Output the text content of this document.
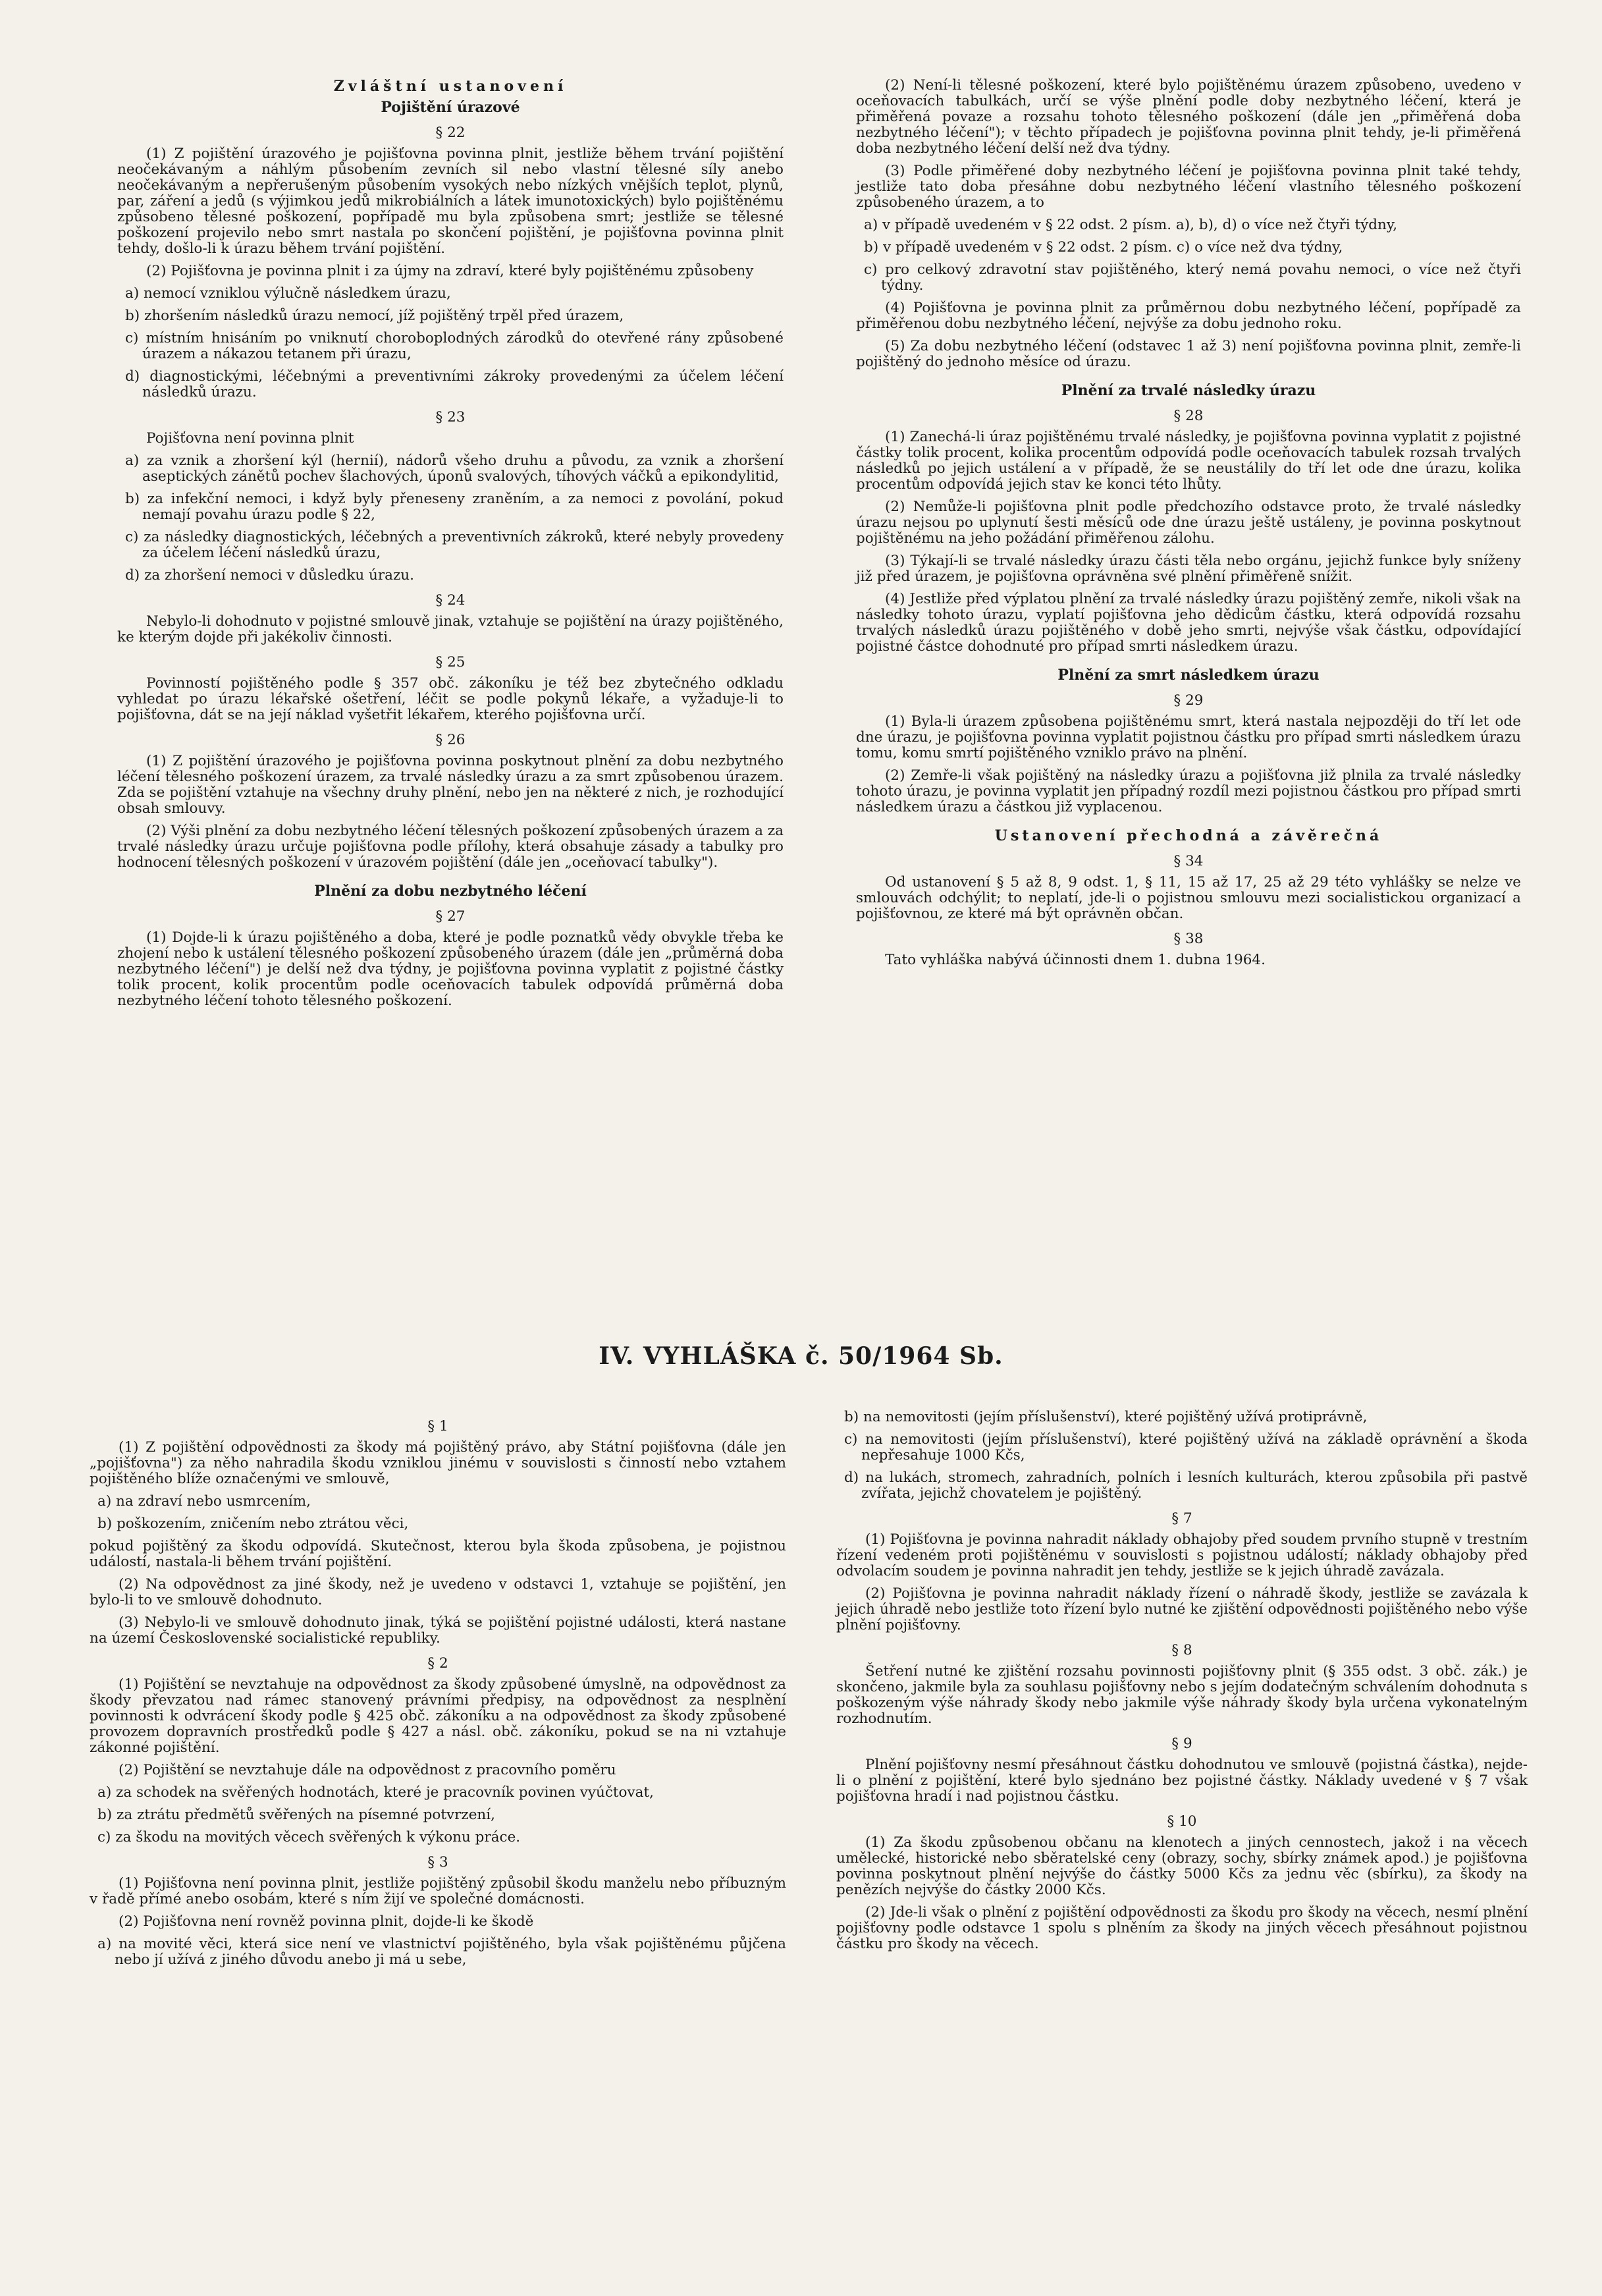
Zvláštní ustanovení
Pojištění úrazové
§ 22

(1) Z pojištění úrazového je pojišťovna povinna plnit, jestliže během trvání pojištění neočekávaným a náhlým působením zevních sil nebo vlastní tělesné síly anebo neočekávaným a nepřerušeným působením vysokých nebo nízkých vnějších teplot, plynů, par, záření a jedů (s výjimkou jedů mikrobiálních a látek imunotoxických) bylo pojištěnému způsobeno tělesné poškození, popřípadě mu byla způsobena smrt; jestliže se tělesné poškození projevilo nebo smrt nastala po skončení pojištění, je pojišťovna povinna plnit tehdy, došlo-li k úrazu během trvání pojištění.

(2) Pojišťovna je povinna plnit i za újmy na zdraví, které byly pojištěnému způsobeny

a) nemocí vzniklou výlučně následkem úrazu,

b) zhoršením následků úrazu nemocí, jíž pojištěný trpěl před úrazem,

c) místním hnisáním po vniknutí choroboplodných zárodků do otevřené rány způsobené úrazem a nákazou tetanem při úrazu,

d) diagnostickými, léčebnými a preventivními zákroky provedenými za účelem léčení následků úrazu.

§ 23

Pojišťovna není povinna plnit

a) za vznik a zhoršení kýl (hernií), nádorů všeho druhu a původu, za vznik a zhoršení aseptických zánětů pochev šlachových, úponů svalových, tíhových váčků a epikondylitid,

b) za infekční nemoci, i když byly přeneseny zraněním, a za nemoci z povolání, pokud nemají povahu úrazu podle § 22,

c) za následky diagnostických, léčebných a preventivních zákroků, které nebyly provedeny za účelem léčení následků úrazu,

d) za zhoršení nemoci v důsledku úrazu.

§ 24

Nebylo-li dohodnuto v pojistné smlouvě jinak, vztahuje se pojištění na úrazy pojištěného, ke kterým dojde při jakékoliv činnosti.

§ 25

Povinností pojištěného podle § 357 obč. zákoníku je též bez zbytečného odkladu vyhledat po úrazu lékařské ošetření, léčit se podle pokynů lékaře, a vyžaduje-li to pojišťovna, dát se na její náklad vyšetřit lékařem, kterého pojišťovna určí.

§ 26

(1) Z pojištění úrazového je pojišťovna povinna poskytnout plnění za dobu nezbytného léčení tělesného poškození úrazem, za trvalé následky úrazu a za smrt způsobenou úrazem. Zda se pojištění vztahuje na všechny druhy plnění, nebo jen na některé z nich, je rozhodující obsah smlouvy.

(2) Výši plnění za dobu nezbytného léčení tělesných poškození způsobených úrazem a za trvalé následky úrazu určuje pojišťovna podle přílohy, která obsahuje zásady a tabulky pro hodnocení tělesných poškození v úrazovém pojištění (dále jen „oceňovací tabulky").

Plnění za dobu nezbytného léčení
§ 27

(1) Dojde-li k úrazu pojištěného a doba, které je podle poznatků vědy obvykle třeba ke zhojení nebo k ustálení tělesného poškození způsobeného úrazem (dále jen „průměrná doba nezbytného léčení") je delší než dva týdny, je pojišťovna povinna vyplatit z pojistné částky tolik procent, kolik procentům podle oceňovacích tabulek odpovídá průměrná doba nezbytného léčení tohoto tělesného poškození.

(2) Není-li tělesné poškození, které bylo pojištěnému úrazem způsobeno, uvedeno v oceňovacích tabulkách, určí se výše plnění podle doby nezbytného léčení, která je přiměřená povaze a rozsahu tohoto tělesného poškození (dále jen „přiměřená doba nezbytného léčení"); v těchto případech je pojišťovna povinna plnit tehdy, je-li přiměřená doba nezbytného léčení delší než dva týdny.

(3) Podle přiměřené doby nezbytného léčení je pojišťovna povinna plnit také tehdy, jestliže tato doba přesáhne dobu nezbytného léčení vlastního tělesného poškození způsobeného úrazem, a to

a) v případě uvedeném v § 22 odst. 2 písm. a), b), d) o více než čtyři týdny,

b) v případě uvedeném v § 22 odst. 2 písm. c) o více než dva týdny,

c) pro celkový zdravotní stav pojištěného, který nemá povahu nemoci, o více než čtyři týdny.

(4) Pojišťovna je povinna plnit za průměrnou dobu nezbytného léčení, popřípadě za přiměřenou dobu nezbytného léčení, nejvýše za dobu jednoho roku.

(5) Za dobu nezbytného léčení (odstavec 1 až 3) není pojišťovna povinna plnit, zemře-li pojištěný do jednoho měsíce od úrazu.

Plnění za trvalé následky úrazu
§ 28

(1) Zanechá-li úraz pojištěnému trvalé následky, je pojišťovna povinna vyplatit z pojistné částky tolik procent, kolika procentům odpovídá podle oceňovacích tabulek rozsah trvalých následků po jejich ustálení a v případě, že se neustálily do tří let ode dne úrazu, kolika procentům odpovídá jejich stav ke konci této lhůty.

(2) Nemůže-li pojišťovna plnit podle předchozího odstavce proto, že trvalé následky úrazu nejsou po uplynutí šesti měsíců ode dne úrazu ještě ustáleny, je povinna poskytnout pojištěnému na jeho požádání přiměřenou zálohu.

(3) Týkají-li se trvalé následky úrazu části těla nebo orgánu, jejichž funkce byly sníženy již před úrazem, je pojišťovna oprávněna své plnění přiměřeně snížit.

(4) Jestliže před výplatou plnění za trvalé následky úrazu pojištěný zemře, nikoli však na následky tohoto úrazu, vyplatí pojišťovna jeho dědicům částku, která odpovídá rozsahu trvalých následků úrazu pojištěného v době jeho smrti, nejvýše však částku, odpovídající pojistné částce dohodnuté pro případ smrti následkem úrazu.

Plnění za smrt následkem úrazu
§ 29

(1) Byla-li úrazem způsobena pojištěnému smrt, která nastala nejpozději do tří let ode dne úrazu, je pojišťovna povinna vyplatit pojistnou částku pro případ smrti následkem úrazu tomu, komu smrtí pojištěného vzniklo právo na plnění.

(2) Zemře-li však pojištěný na následky úrazu a pojišťovna již plnila za trvalé následky tohoto úrazu, je povinna vyplatit jen případný rozdíl mezi pojistnou částkou pro případ smrti následkem úrazu a částkou již vyplacenou.

Ustanovení přechodná a závěrečná
§ 34

Od ustanovení § 5 až 8, 9 odst. 1, § 11, 15 až 17, 25 až 29 této vyhlášky se nelze ve smlouvách odchýlit; to neplatí, jde-li o pojistnou smlouvu mezi socialistickou organizací a pojišťovnou, ze které má být oprávněn občan.

§ 38

Tato vyhláška nabývá účinnosti dnem 1. dubna 1964.

IV. VYHLÁŠKA č. 50/1964 Sb.
§ 1

(1) Z pojištění odpovědnosti za škody má pojištěný právo, aby Státní pojišťovna (dále jen „pojišťovna") za něho nahradila škodu vzniklou jinému v souvislosti s činností nebo vztahem pojištěného blíže označenými ve smlouvě,

a) na zdraví nebo usmrcením,

b) poškozením, zničením nebo ztrátou věci,

pokud pojištěný za škodu odpovídá. Skutečnost, kterou byla škoda způsobena, je pojistnou událostí, nastala-li během trvání pojištění.

(2) Na odpovědnost za jiné škody, než je uvedeno v odstavci 1, vztahuje se pojištění, jen bylo-li to ve smlouvě dohodnuto.

(3) Nebylo-li ve smlouvě dohodnuto jinak, týká se pojištění pojistné události, která nastane na území Československé socialistické republiky.

§ 2

(1) Pojištění se nevztahuje na odpovědnost za škody způsobené úmyslně, na odpovědnost za škody převzatou nad rámec stanovený právními předpisy, na odpovědnost za nesplnění povinnosti k odvrácení škody podle § 425 obč. zákoníku a na odpovědnost za škody způsobené provozem dopravních prostředků podle § 427 a násl. obč. zákoníku, pokud se na ni vztahuje zákonné pojištění.

(2) Pojištění se nevztahuje dále na odpovědnost z pracovního poměru

a) za schodek na svěřených hodnotách, které je pracovník povinen vyúčtovat,

b) za ztrátu předmětů svěřených na písemné potvrzení,

c) za škodu na movitých věcech svěřených k výkonu práce.

§ 3

(1) Pojišťovna není povinna plnit, jestliže pojištěný způsobil škodu manželu nebo příbuzným v řadě přímé anebo osobám, které s ním žijí ve společné domácnosti.

(2) Pojišťovna není rovněž povinna plnit, dojde-li ke škodě

a) na movité věci, která sice není ve vlastnictví pojištěného, byla však pojištěnému půjčena nebo jí užívá z jiného důvodu anebo ji má u sebe,

b) na nemovitosti (jejím příslušenství), které pojištěný užívá protiprávně,

c) na nemovitosti (jejím příslušenství), které pojištěný užívá na základě oprávnění a škoda nepřesahuje 1000 Kčs,

d) na lukách, stromech, zahradních, polních i lesních kulturách, kterou způsobila při pastvě zvířata, jejichž chovatelem je pojištěný.

§ 7

(1) Pojišťovna je povinna nahradit náklady obhajoby před soudem prvního stupně v trestním řízení vedeném proti pojištěnému v souvislosti s pojistnou událostí; náklady obhajoby před odvolacím soudem je povinna nahradit jen tehdy, jestliže se k jejich úhradě zavázala.

(2) Pojišťovna je povinna nahradit náklady řízení o náhradě škody, jestliže se zavázala k jejich úhradě nebo jestliže toto řízení bylo nutné ke zjištění odpovědnosti pojištěného nebo výše plnění pojišťovny.

§ 8

Šetření nutné ke zjištění rozsahu povinnosti pojišťovny plnit (§ 355 odst. 3 obč. zák.) je skončeno, jakmile byla za souhlasu pojišťovny nebo s jejím dodatečným schválením dohodnuta s poškozeným výše náhrady škody nebo jakmile výše náhrady škody byla určena vykonatelným rozhodnutím.

§ 9

Plnění pojišťovny nesmí přesáhnout částku dohodnutou ve smlouvě (pojistná částka), nejde-li o plnění z pojištění, které bylo sjednáno bez pojistné částky. Náklady uvedené v § 7 však pojišťovna hradí i nad pojistnou částku.

§ 10

(1) Za škodu způsobenou občanu na klenotech a jiných cennostech, jakož i na věcech umělecké, historické nebo sběratelské ceny (obrazy, sochy, sbírky známek apod.) je pojišťovna povinna poskytnout plnění nejvýše do částky 5000 Kčs za jednu věc (sbírku), za škody na penězích nejvýše do částky 2000 Kčs.

(2) Jde-li však o plnění z pojištění odpovědnosti za škodu pro škody na věcech, nesmí plnění pojišťovny podle odstavce 1 spolu s plněním za škody na jiných věcech přesáhnout pojistnou částku pro škody na věcech.
